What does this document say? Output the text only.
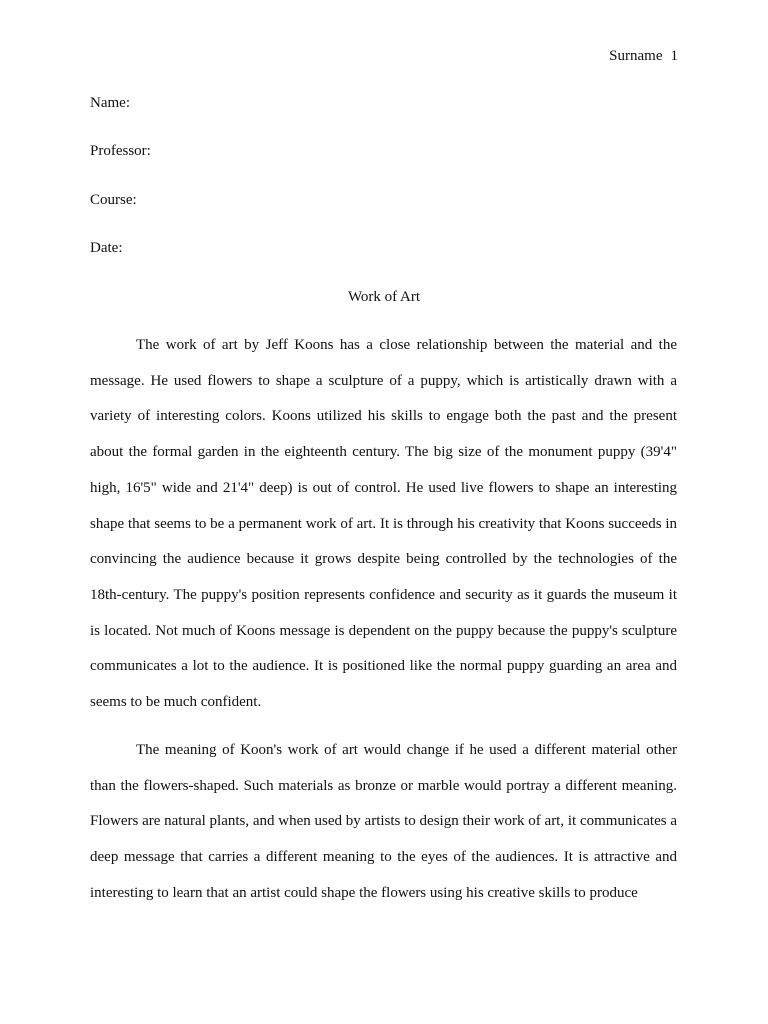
Surname 1
Name:
Professor:
Course:
Date:
Work of Art

The work of art by Jeff Koons has a close relationship between the material and the message. He used flowers to shape a sculpture of a puppy, which is artistically drawn with a variety of interesting colors. Koons utilized his skills to engage both the past and the present about the formal garden in the eighteenth century. The big size of the monument puppy (39'4" high, 16'5" wide and 21'4" deep) is out of control. He used live flowers to shape an interesting shape that seems to be a permanent work of art. It is through his creativity that Koons succeeds in convincing the audience because it grows despite being controlled by the technologies of the 18th-century. The puppy's position represents confidence and security as it guards the museum it is located. Not much of Koons message is dependent on the puppy because the puppy's sculpture communicates a lot to the audience. It is positioned like the normal puppy guarding an area and seems to be much confident.

The meaning of Koon's work of art would change if he used a different material other than the flowers-shaped. Such materials as bronze or marble would portray a different meaning. Flowers are natural plants, and when used by artists to design their work of art, it communicates a deep message that carries a different meaning to the eyes of the audiences. It is attractive and interesting to learn that an artist could shape the flowers using his creative skills to produce
